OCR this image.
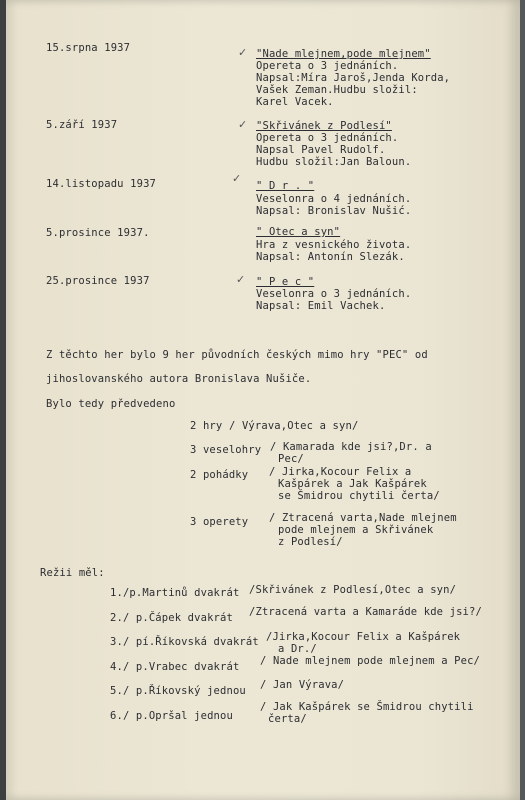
15.srpna 1937	✓ "Nade mlejnem,pode mlejnem"
Opereta o 3 jednáních.
Napsal:Míra Jaroš,Jenda Korda,
Vašek Zeman.Hudbu složil:
Karel Vacek.
5.září 1937	✓ "Skřivánek z Podlesí"
Opereta o 3 jednáních.
Napsal Pavel Rudolf.
Hudbu složil:Jan Baloun.
14.listopadu 1937	✓
" D r . "
Veselonra o 4 jednáních.
Napsal: Bronislav Nušić.
5.prosince 1937.	" Otec a syn"
Hra z vesnického života.
Napsal: Antonín Slezák.
25.prosince 1937	✓ " P e c "
Veselonra o 3 jednáních.
Napsal: Emil Vachek.
Z těchto her bylo 9 her původních českých mimo hry "PEC" od
jihoslovanského autora Bronislava Nušiče.
Bylo tedy předvedeno
2 hry / Výrava,Otec a syn/
3 veselohry / Kamarada kde jsi?,Dr. a
Pec/
2 pohádky / Jirka,Kocour Felix a
Kašpárek a Jak Kašpárek
se Šmidrou chytili čerta/
3 operety / Ztracená varta,Nade mlejnem
pode mlejnem a Skřivánek
z Podlesí/
Režii měl:
1./p.Martinů dvakrát /Skřivánek z Podlesí,Otec a syn/
2./ p.Čápek dvakrát /Ztracená varta a Kamaráde kde jsi?/
3./ pí.Říkovská dvakrát /Jirka,Kocour Felix a Kašpárek
a Dr./
4./ p.Vrabec dvakrát / Nade mlejnem pode mlejnem a Pec/
5./ p.Říkovský jednou / Jan Výrava/
6./ p.Opršal jednou
/ Jak Kašpárek se Šmidrou chytili
čerta/
